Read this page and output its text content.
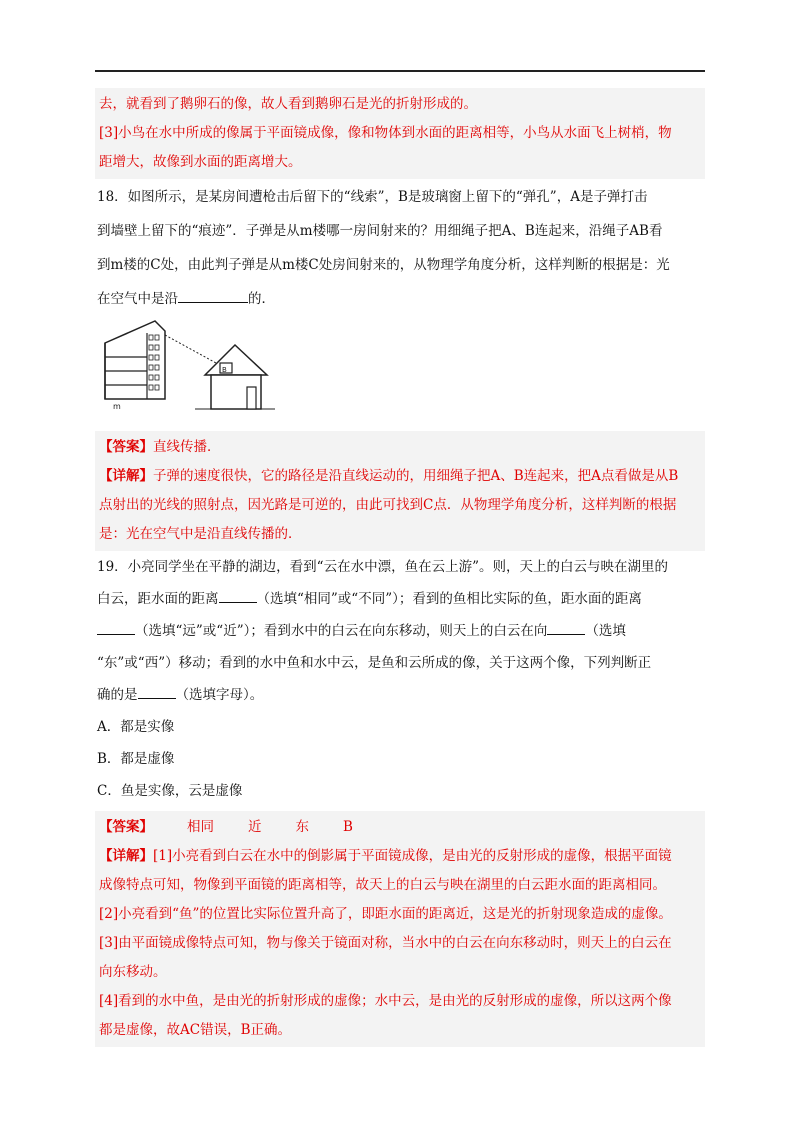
去，就看到了鹅卵石的像，故人看到鹅卵石是光的折射形成的。
[3]小鸟在水中所成的像属于平面镜成像，像和物体到水面的距离相等，小鸟从水面飞上树梢，物
距增大，故像到水面的距离增大。
18．如图所示，是某房间遭枪击后留下的“线索”，B是玻璃窗上留下的“弹孔”，A是子弹打击
到墙壁上留下的“痕迹”．子弹是从m楼哪一房间射来的？用细绳子把A、B连起来，沿绳子AB看
到m楼的C处，由此判子弹是从m楼C处房间射来的，从物理学角度分析，这样判断的根据是：光
在空气中是沿	的．
m
B
【答案】直线传播．
【详解】子弹的速度很快，它的路径是沿直线运动的，用细绳子把A、B连起来，把A点看做是从B
点射出的光线的照射点，因光路是可逆的，由此可找到C点．从物理学角度分析，这样判断的根据
是：光在空气中是沿直线传播的．
19．小亮同学坐在平静的湖边，看到“云在水中漂，鱼在云上游”。则，天上的白云与映在湖里的
白云，距水面的距离	（选填“相同”或“不同”）；看到的鱼相比实际的鱼，距水面的距离
（选填“远”或“近”）；看到水中的白云在向东移动，则天上的白云在向	（选填
“东”或“西”）移动；看到的水中鱼和水中云，是鱼和云所成的像，关于这两个像，下列判断正
确的是	（选填字母）。
A．都是实像
B．都是虚像
C．鱼是实像，云是虚像
【答案】	相同	近	东	B
【详解】[1]小亮看到白云在水中的倒影属于平面镜成像，是由光的反射形成的虚像，根据平面镜
成像特点可知，物像到平面镜的距离相等，故天上的白云与映在湖里的白云距水面的距离相同。
[2]小亮看到“鱼”的位置比实际位置升高了，即距水面的距离近，这是光的折射现象造成的虚像。
[3]由平面镜成像特点可知，物与像关于镜面对称，当水中的白云在向东移动时，则天上的白云在
向东移动。
[4]看到的水中鱼，是由光的折射形成的虚像；水中云，是由光的反射形成的虚像，所以这两个像
都是虚像，故AC错误，B正确。
